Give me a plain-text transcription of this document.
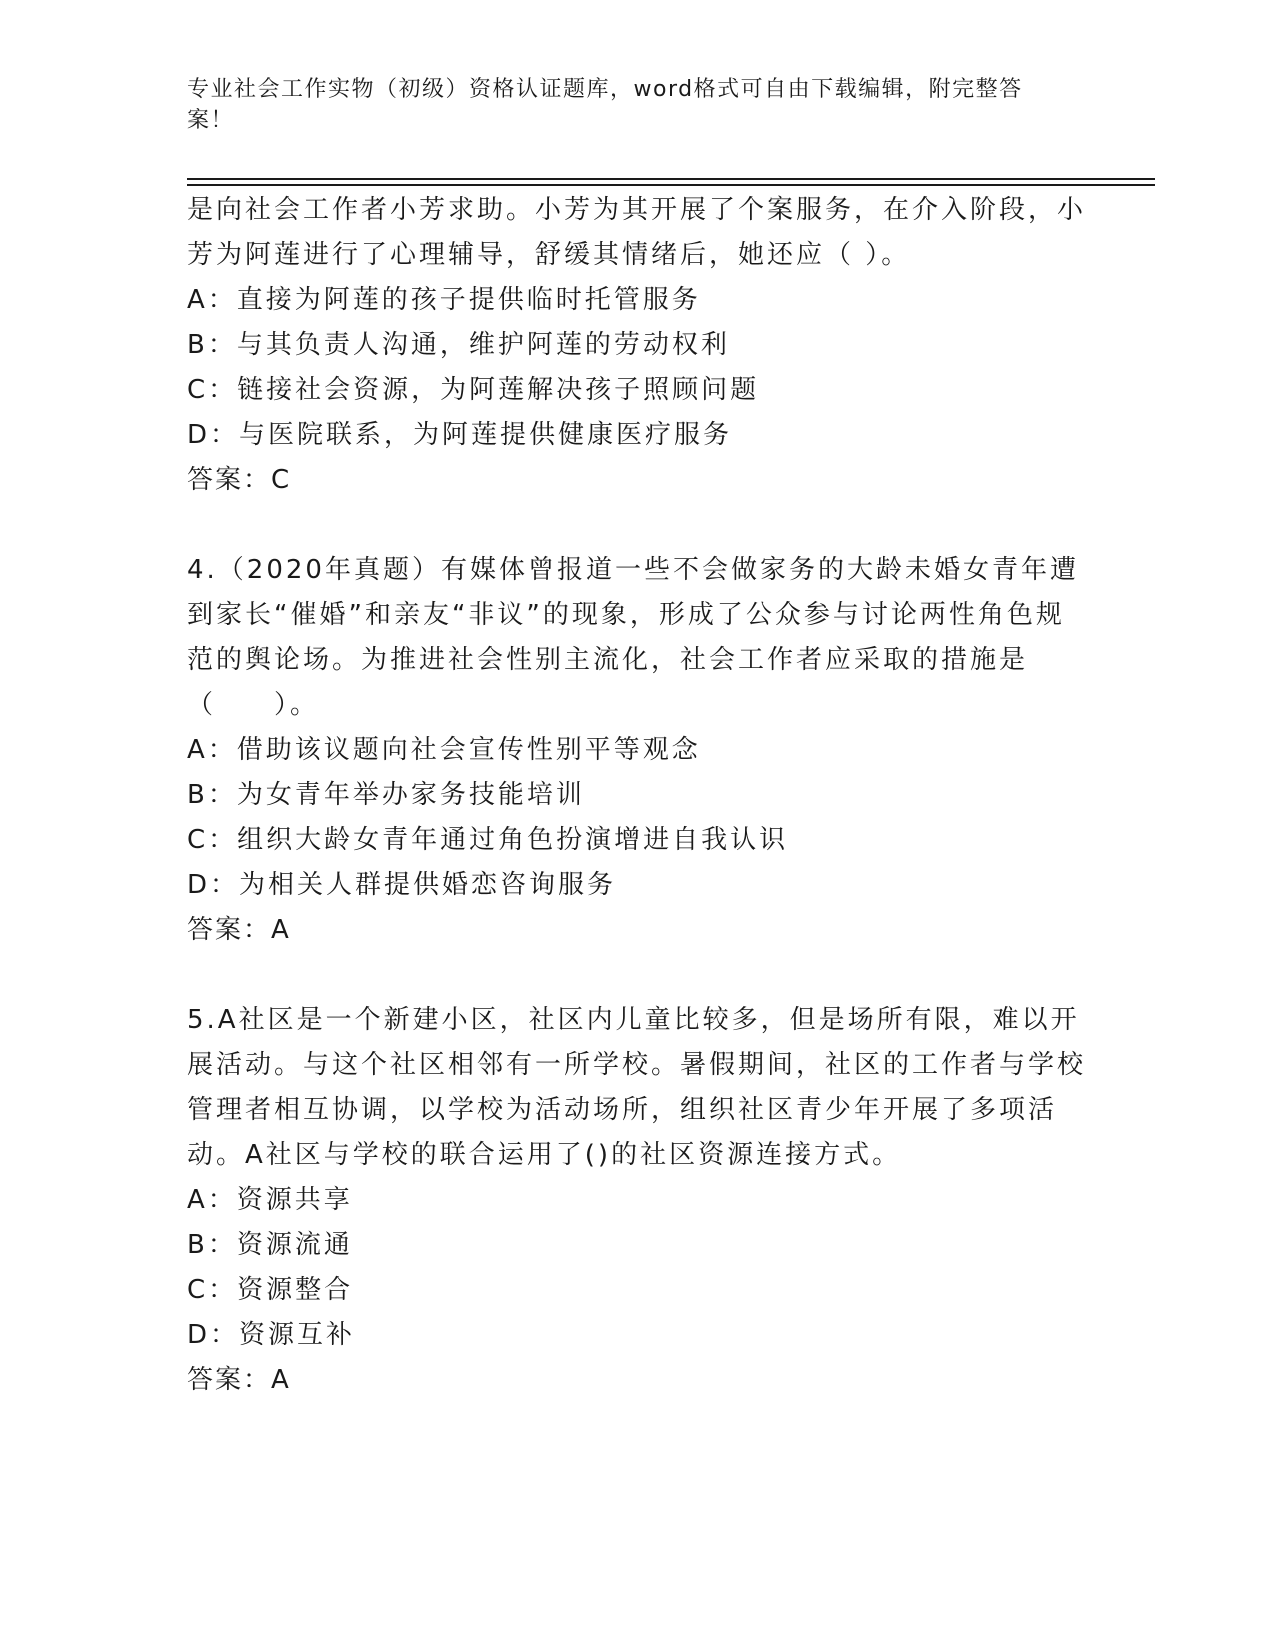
专业社会工作实物（初级）资格认证题库，word格式可自由下载编辑，附完整答案！

是向社会工作者小芳求助。小芳为其开展了个案服务，在介入阶段，小芳为阿莲进行了心理辅导，舒缓其情绪后，她还应（ ）。

A：直接为阿莲的孩子提供临时托管服务

B：与其负责人沟通，维护阿莲的劳动权利

C：链接社会资源，为阿莲解决孩子照顾问题

D：与医院联系，为阿莲提供健康医疗服务

答案：C

4.（2020年真题）有媒体曾报道一些不会做家务的大龄未婚女青年遭到家长“催婚”和亲友“非议”的现象，形成了公众参与讨论两性角色规范的舆论场。为推进社会性别主流化，社会工作者应采取的措施是（　　）。

A：借助该议题向社会宣传性别平等观念

B：为女青年举办家务技能培训

C：组织大龄女青年通过角色扮演增进自我认识

D：为相关人群提供婚恋咨询服务

答案：A

5.A社区是一个新建小区，社区内儿童比较多，但是场所有限，难以开展活动。与这个社区相邻有一所学校。暑假期间，社区的工作者与学校管理者相互协调，以学校为活动场所，组织社区青少年开展了多项活动。A社区与学校的联合运用了()的社区资源连接方式。

A：资源共享

B：资源流通

C：资源整合

D：资源互补

答案：A
